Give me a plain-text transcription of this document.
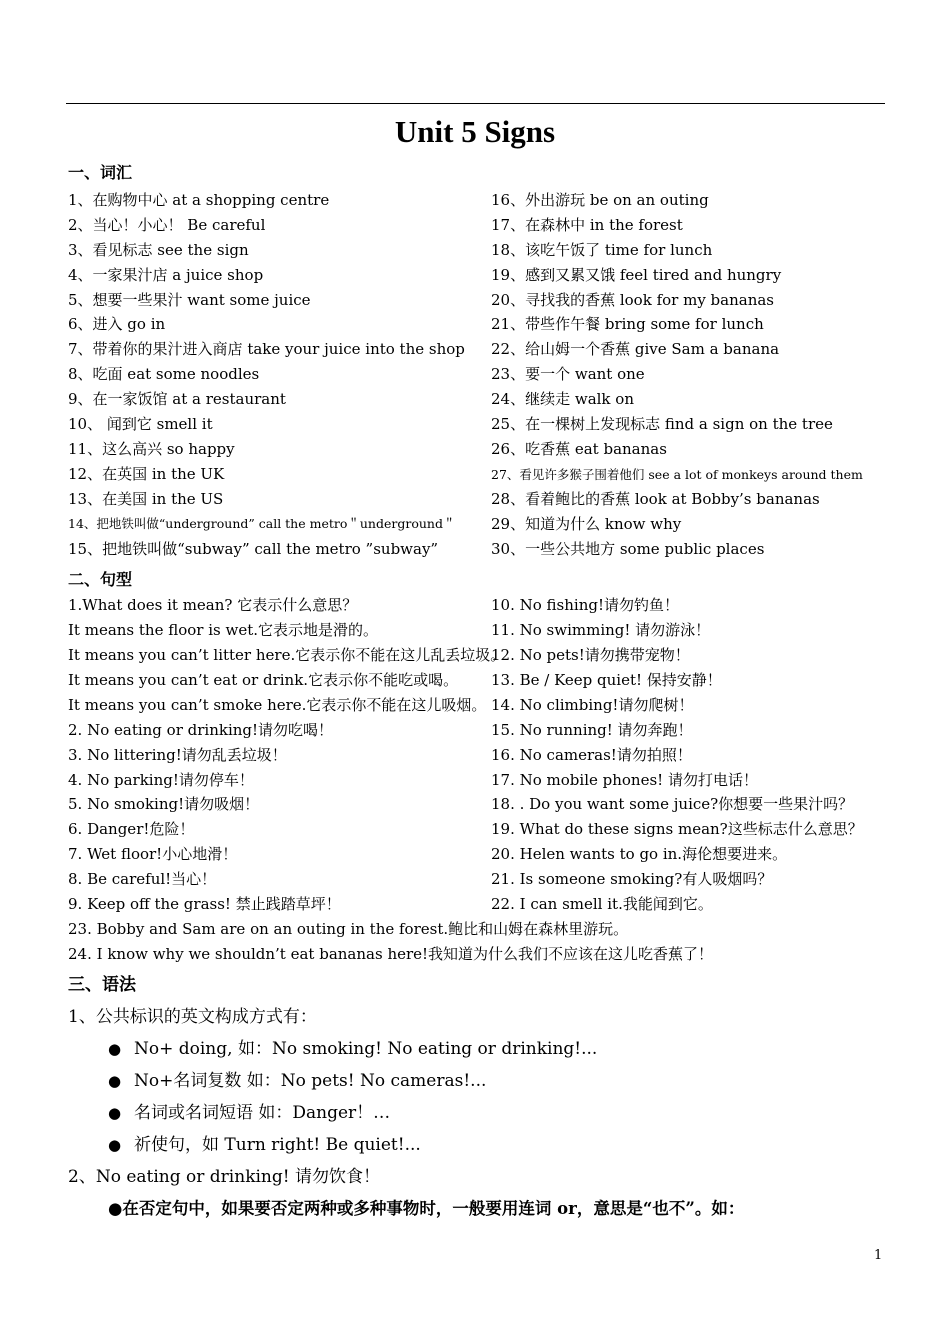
Unit 5 Signs
一、词汇
1、在购物中心 at a shopping centre
2、当心！小心！ Be careful
3、看见标志 see the sign
4、一家果汁店 a juice shop
5、想要一些果汁 want some juice
6、进入 go in
7、带着你的果汁进入商店 take your juice into the shop
8、吃面 eat some noodles
9、在一家饭馆 at a restaurant
10、 闻到它 smell it
11、这么高兴 so happy
12、在英国 in the UK
13、在美国 in the US
14、把地铁叫做“underground” call the metro＂underground＂
15、把地铁叫做“subway” call the metro ”subway”
16、外出游玩 be on an outing
17、在森林中 in the forest
18、该吃午饭了 time for lunch
19、感到又累又饿 feel tired and hungry
20、寻找我的香蕉 look for my bananas
21、带些作午餐 bring some for lunch
22、给山姆一个香蕉 give Sam a banana
23、要一个 want one
24、继续走 walk on
25、在一棵树上发现标志 find a sign on the tree
26、吃香蕉 eat bananas
27、看见许多猴子围着他们 see a lot of monkeys around them
28、看着鲍比的香蕉 look at Bobby’s bananas
29、知道为什么 know why
30、一些公共地方 some public places
二、句型
1.What does it mean? 它表示什么意思？
It means the floor is wet.它表示地是滑的。
It means you can’t litter here.它表示你不能在这儿乱丢垃圾。
It means you can’t eat or drink.它表示你不能吃或喝。
It means you can’t smoke here.它表示你不能在这儿吸烟。
2. No eating or drinking!请勿吃喝！
3. No littering!请勿乱丢垃圾！
4. No parking!请勿停车！
5. No smoking!请勿吸烟！
6. Danger!危险！
7. Wet floor!小心地滑！
8. Be careful!当心！
9. Keep off the grass! 禁止践踏草坪！
10. No fishing!请勿钓鱼！
11. No swimming! 请勿游泳！
12. No pets!请勿携带宠物！
13. Be / Keep quiet! 保持安静！
14. No climbing!请勿爬树！
15. No running! 请勿奔跑！
16. No cameras!请勿拍照！
17. No mobile phones! 请勿打电话！
18. . Do you want some juice?你想要一些果汁吗？
19. What do these signs mean?这些标志什么意思？
20. Helen wants to go in.海伦想要进来。
21. Is someone smoking?有人吸烟吗？
22. I can smell it.我能闻到它。
23. Bobby and Sam are on an outing in the forest.鲍比和山姆在森林里游玩。
24. I know why we shouldn’t eat bananas here!我知道为什么我们不应该在这儿吃香蕉了！
三、语法
1、公共标识的英文构成方式有：
● No+ doing, 如：No smoking! No eating or drinking!...
● No+名词复数 如：No pets! No cameras!...
● 名词或名词短语 如：Danger！…
● 祈使句，如 Turn right! Be quiet!...
2、No eating or drinking! 请勿饮食！
●在否定句中，如果要否定两种或多种事物时，一般要用连词 or，意思是“也不”。如：
1
